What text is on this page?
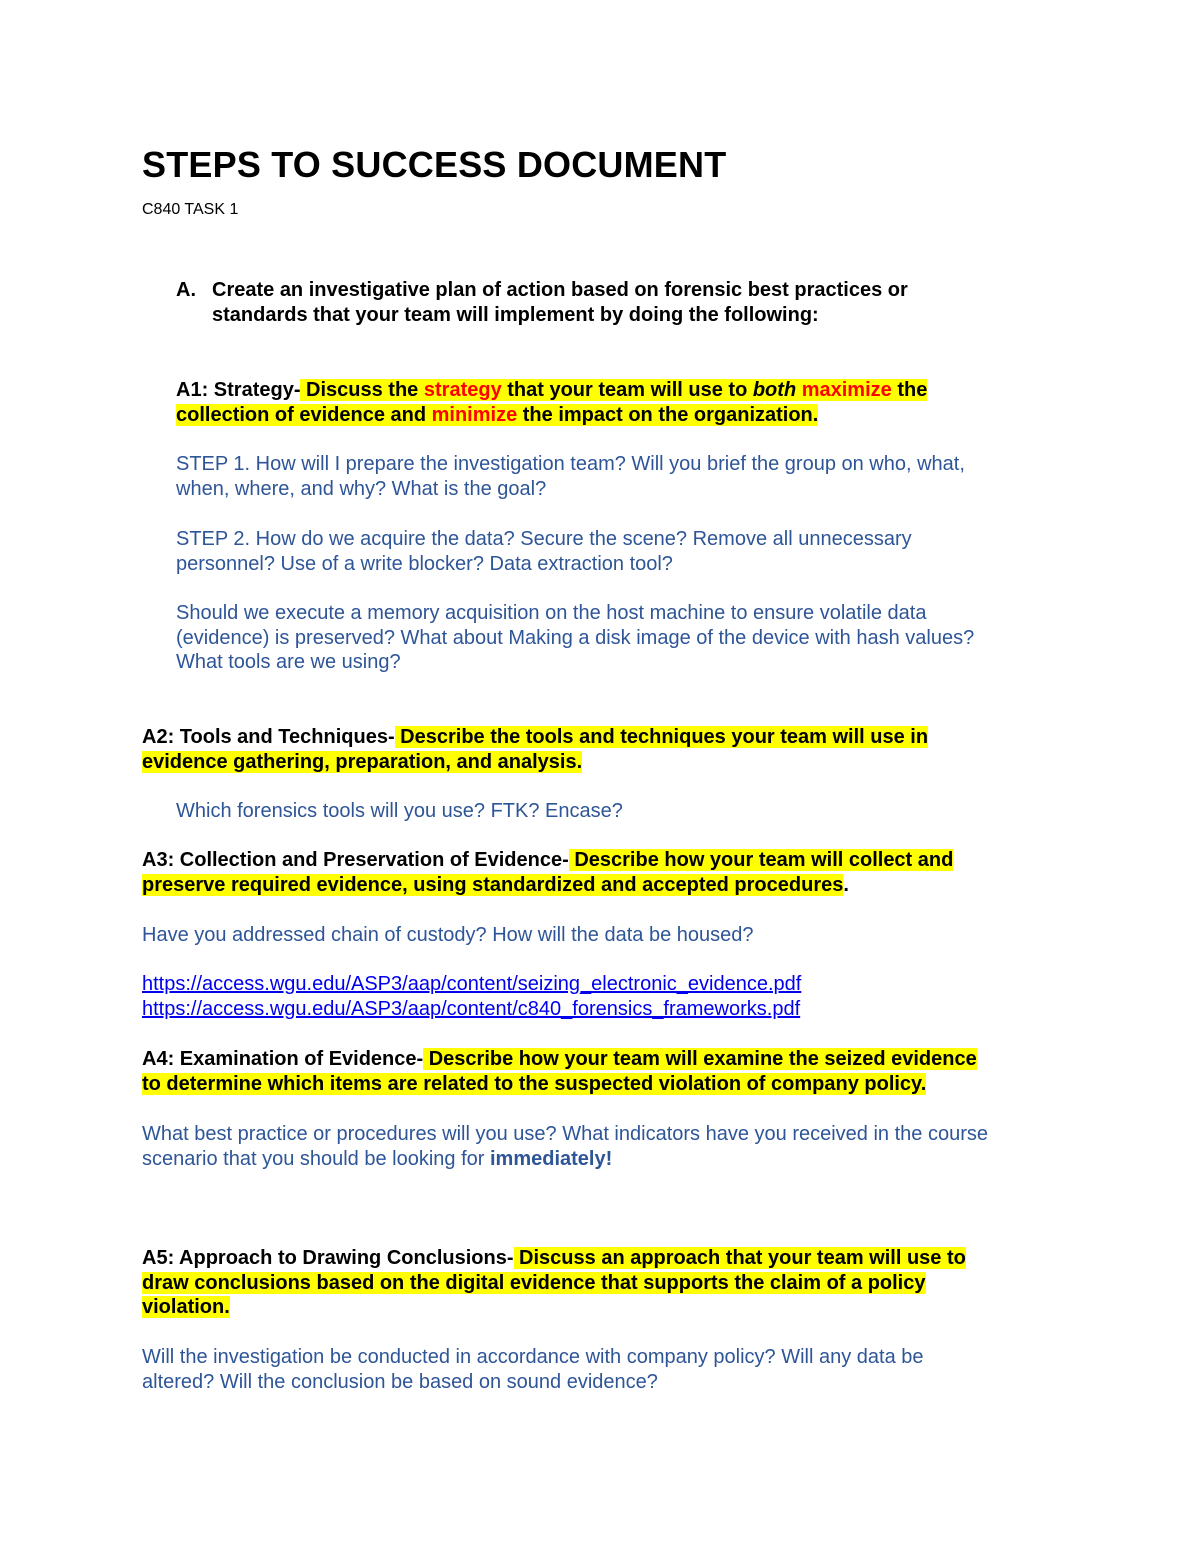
STEPS TO SUCCESS DOCUMENT

C840 TASK 1

A. Create an investigative plan of action based on forensic best practices or
standards that your team will implement by doing the following:

A1: Strategy- Discuss the strategy that your team will use to both maximize the
collection of evidence and minimize the impact on the organization.

STEP 1. How will I prepare the investigation team? Will you brief the group on who, what,
when, where, and why? What is the goal?

STEP 2. How do we acquire the data? Secure the scene? Remove all unnecessary
personnel? Use of a write blocker? Data extraction tool?

Should we execute a memory acquisition on the host machine to ensure volatile data
(evidence) is preserved? What about Making a disk image of the device with hash values?
What tools are we using?

A2: Tools and Techniques- Describe the tools and techniques your team will use in
evidence gathering, preparation, and analysis.

Which forensics tools will you use? FTK? Encase?

A3: Collection and Preservation of Evidence- Describe how your team will collect and
preserve required evidence, using standardized and accepted procedures.

Have you addressed chain of custody? How will the data be housed?

https://access.wgu.edu/ASP3/aap/content/seizing_electronic_evidence.pdf
https://access.wgu.edu/ASP3/aap/content/c840_forensics_frameworks.pdf

A4: Examination of Evidence- Describe how your team will examine the seized evidence
to determine which items are related to the suspected violation of company policy.

What best practice or procedures will you use? What indicators have you received in the course
scenario that you should be looking for immediately!

A5: Approach to Drawing Conclusions- Discuss an approach that your team will use to
draw conclusions based on the digital evidence that supports the claim of a policy
violation.

Will the investigation be conducted in accordance with company policy? Will any data be
altered? Will the conclusion be based on sound evidence?
